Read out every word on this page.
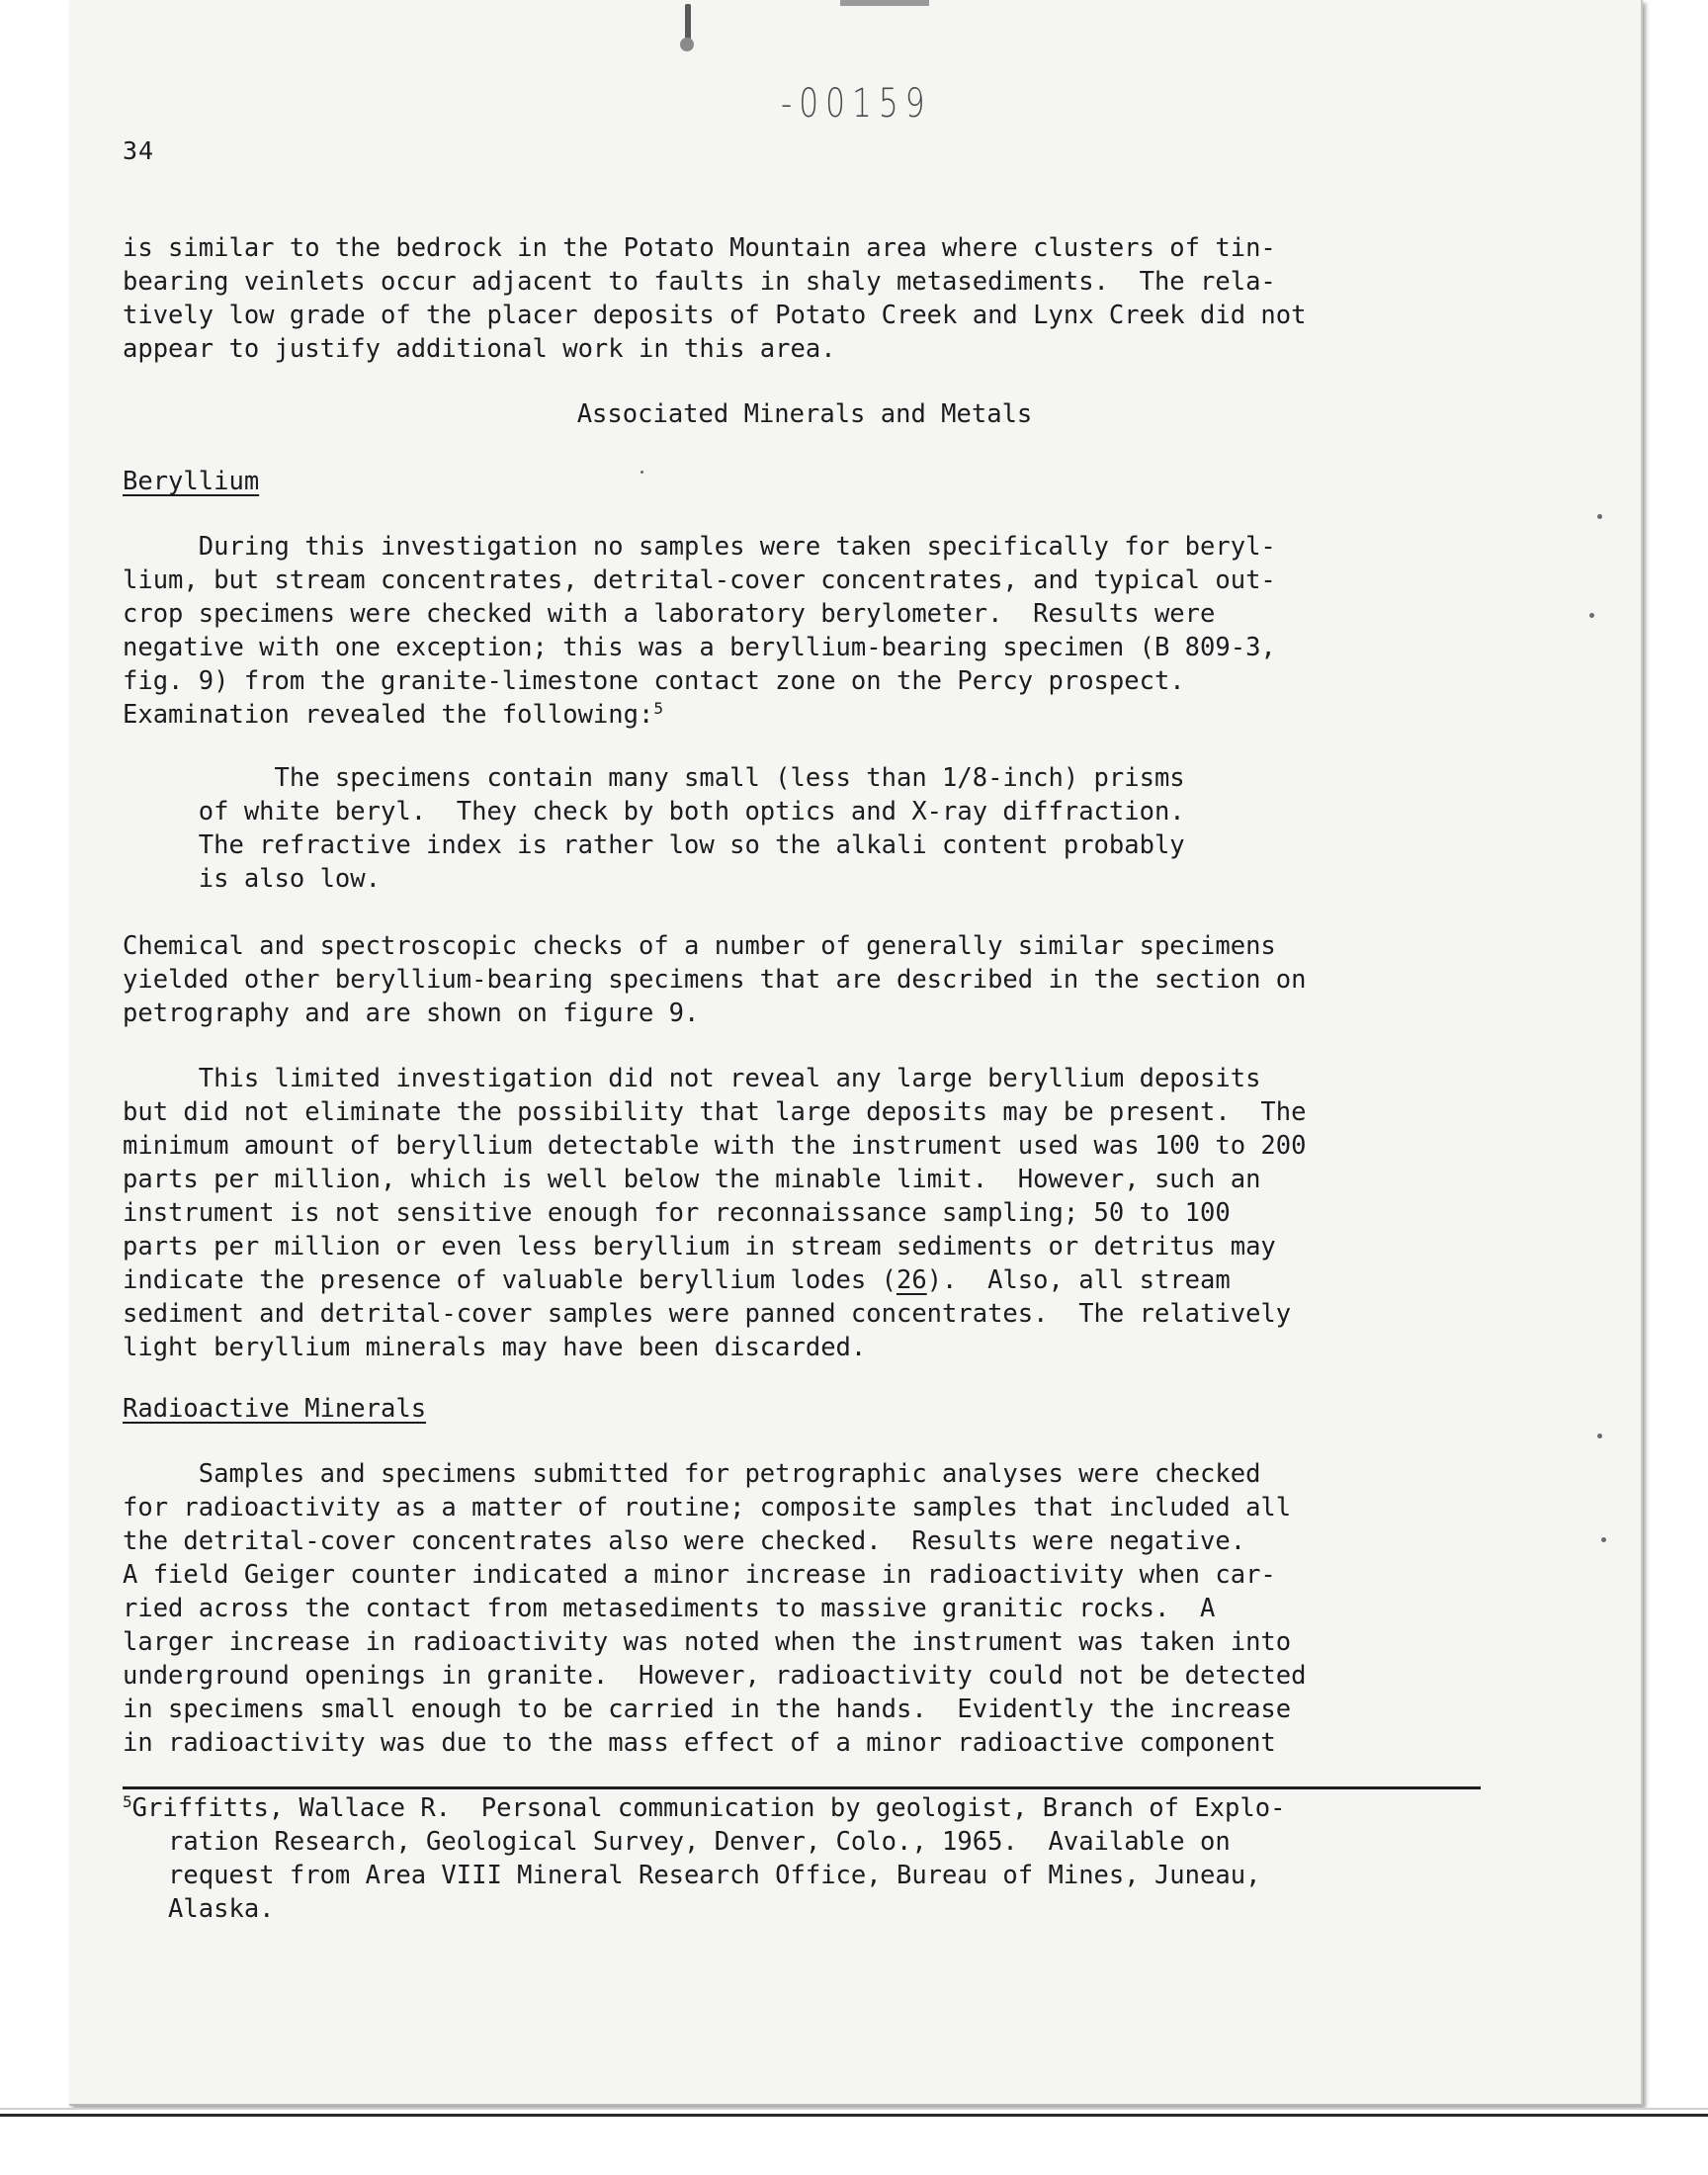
34
-00159
is similar to the bedrock in the Potato Mountain area where clusters of tin-
bearing veinlets occur adjacent to faults in shaly metasediments.  The rela-
tively low grade of the placer deposits of Potato Creek and Lynx Creek did not
appear to justify additional work in this area.
Associated Minerals and Metals
Beryllium
During this investigation no samples were taken specifically for beryl-
lium, but stream concentrates, detrital-cover concentrates, and typical out-
crop specimens were checked with a laboratory berylometer.  Results were
negative with one exception; this was a beryllium-bearing specimen (B 809-3,
fig. 9) from the granite-limestone contact zone on the Percy prospect.
Examination revealed the following:$^5$
The specimens contain many small (less than 1/8-inch) prisms
of white beryl.  They check by both optics and X-ray diffraction.
The refractive index is rather low so the alkali content probably
is also low.
Chemical and spectroscopic checks of a number of generally similar specimens
yielded other beryllium-bearing specimens that are described in the section on
petrography and are shown on figure 9.
This limited investigation did not reveal any large beryllium deposits
but did not eliminate the possibility that large deposits may be present.  The
minimum amount of beryllium detectable with the instrument used was 100 to 200
parts per million, which is well below the minable limit.  However, such an
instrument is not sensitive enough for reconnaissance sampling; 50 to 100
parts per million or even less beryllium in stream sediments or detritus may
indicate the presence of valuable beryllium lodes (26).  Also, all stream
sediment and detrital-cover samples were panned concentrates.  The relatively
light beryllium minerals may have been discarded.
Radioactive Minerals
Samples and specimens submitted for petrographic analyses were checked
for radioactivity as a matter of routine; composite samples that included all
the detrital-cover concentrates also were checked.  Results were negative.
A field Geiger counter indicated a minor increase in radioactivity when car-
ried across the contact from metasediments to massive granitic rocks.  A
larger increase in radioactivity was noted when the instrument was taken into
underground openings in granite.  However, radioactivity could not be detected
in specimens small enough to be carried in the hands.  Evidently the increase
in radioactivity was due to the mass effect of a minor radioactive component
$^5$Griffitts, Wallace R.  Personal communication by geologist, Branch of Explo-
ration Research, Geological Survey, Denver, Colo., 1965.  Available on
request from Area VIII Mineral Research Office, Bureau of Mines, Juneau,
Alaska.
